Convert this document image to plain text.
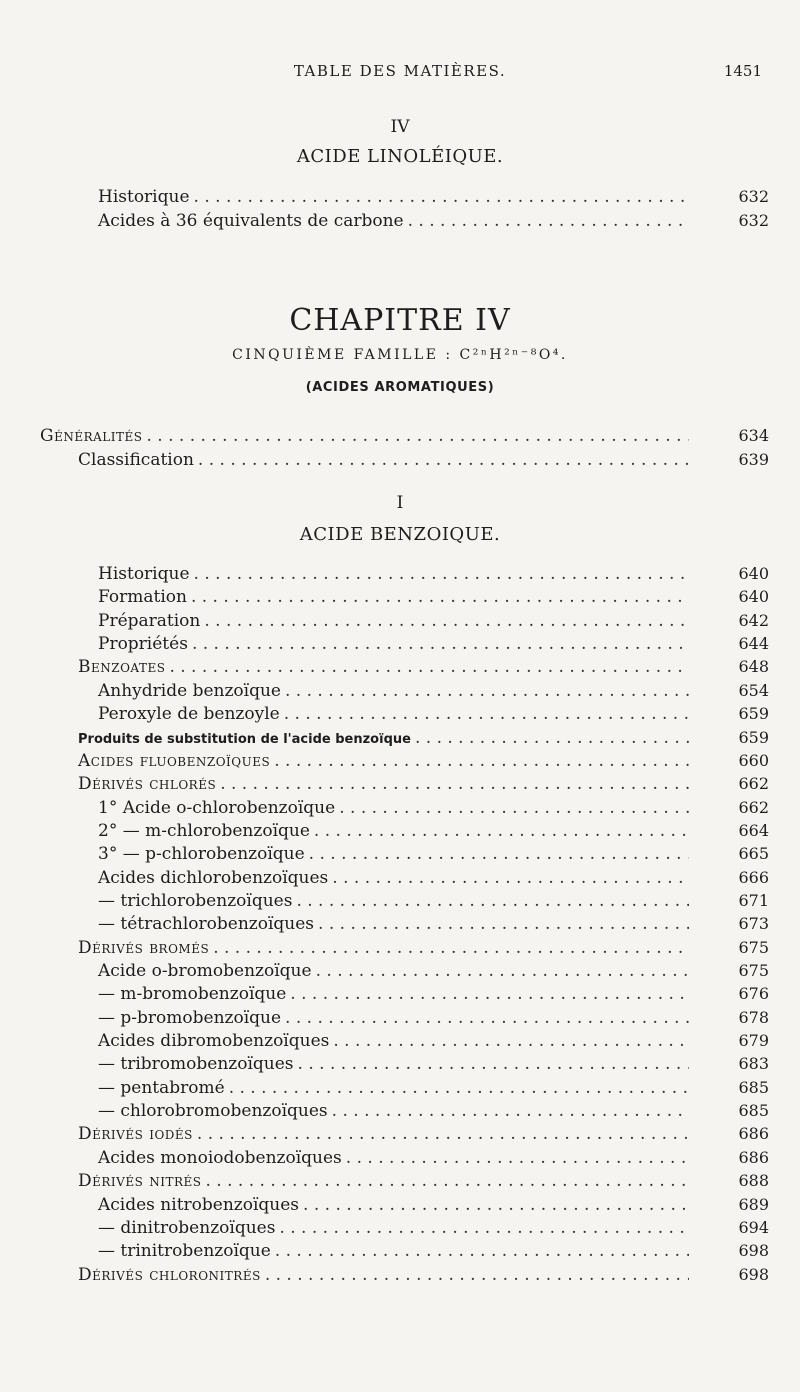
TABLE DES MATIÈRES.	1451
IV
ACIDE LINOLÉIQUE.
Historique . . .	632
Acides à 36 équivalents de carbone . . .	632
CHAPITRE IV
CINQUIÈME FAMILLE : C²ⁿH²ⁿ⁻⁸O⁴.
(ACIDES AROMATIQUES)
Généralités . . .	634
Classification . . .	639
I
ACIDE BENZOIQUE.
Historique . . .	640
Formation . . .	640
Préparation . . .	642
Propriétés . . .	644
Benzoates . . .	648
Anhydride benzoïque . . .	654
Peroxyle de benzoyle . . .	659
Produits de substitution de l'acide benzoïque . . .	659
Acides fluobenzoïques . . .	660
Dérivés chlorés . . .	662
1° Acide o-chlorobenzoïque . . .	662
2° — m-chlorobenzoïque . . .	664
3° — p-chlorobenzoïque . . .	665
Acides dichlorobenzoïques . . .	666
— trichlorobenzoïques . . .	671
— tétrachlorobenzoïques . . .	673
Dérivés bromés . . .	675
Acide o-bromobenzoïque . . .	675
— m-bromobenzoïque . . .	676
— p-bromobenzoïque . . .	678
Acides dibromobenzoïques . . .	679
— tribromobenzoïques . . .	683
— pentabromé . . .	685
— chlorobromobenzoïques . . .	685
Dérivés iodés . . .	686
Acides monoiodobenzoïques . . .	686
Dérivés nitrés . . .	688
Acides nitrobenzoïques . . .	689
— dinitrobenzoïques . . .	694
— trinitrobenzoïque . . .	698
Dérivés chloronitrés . . .	698
